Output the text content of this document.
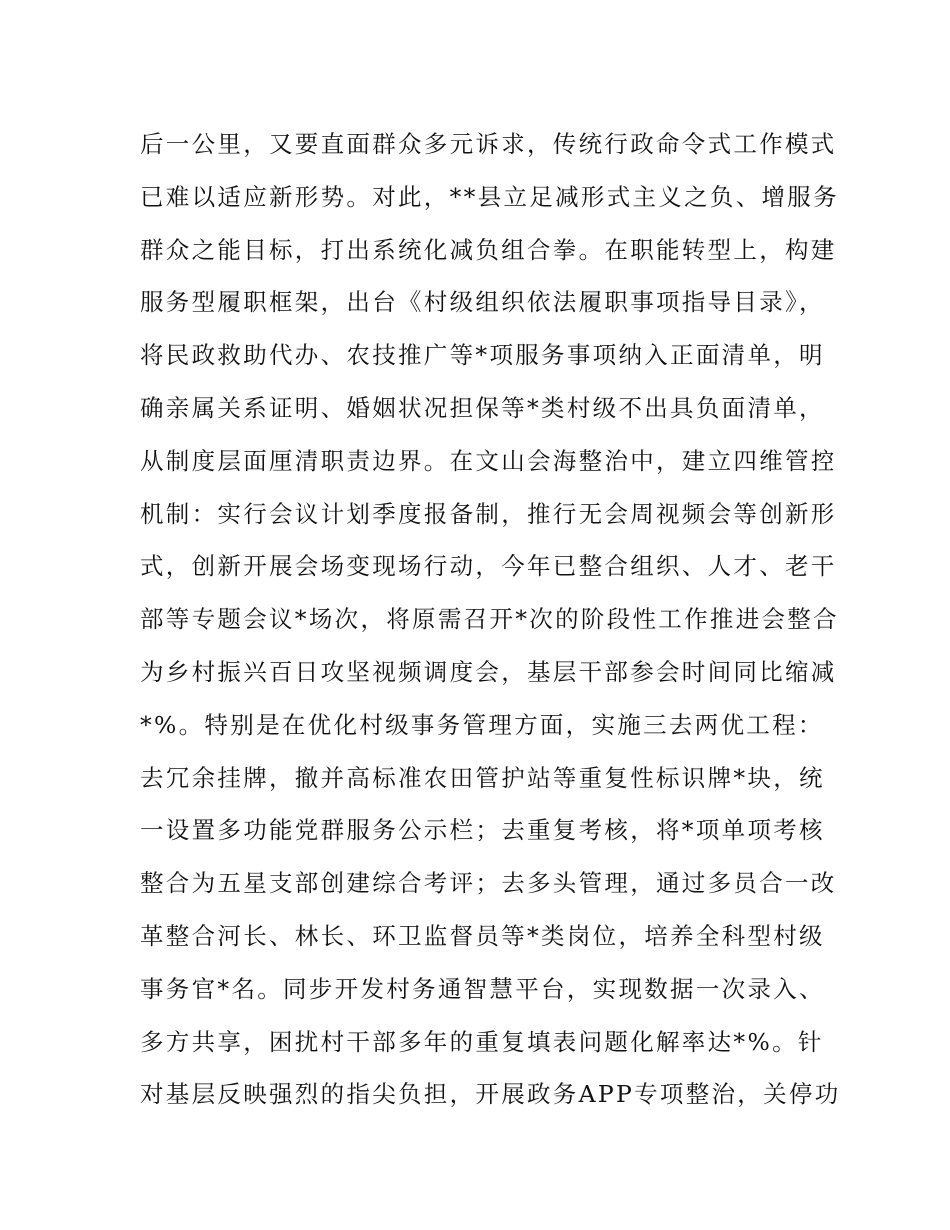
后一公里，又要直面群众多元诉求，传统行政命令式工作模式
已难以适应新形势。对此，**县立足减形式主义之负、增服务
群众之能目标，打出系统化减负组合拳。在职能转型上，构建
服务型履职框架，出台《村级组织依法履职事项指导目录》，
将民政救助代办、农技推广等*项服务事项纳入正面清单，明
确亲属关系证明、婚姻状况担保等*类村级不出具负面清单，
从制度层面厘清职责边界。在文山会海整治中，建立四维管控
机制：实行会议计划季度报备制，推行无会周视频会等创新形
式，创新开展会场变现场行动，今年已整合组织、人才、老干
部等专题会议*场次，将原需召开*次的阶段性工作推进会整合
为乡村振兴百日攻坚视频调度会，基层干部参会时间同比缩减
*%。特别是在优化村级事务管理方面，实施三去两优工程：
去冗余挂牌，撤并高标准农田管护站等重复性标识牌*块，统
一设置多功能党群服务公示栏；去重复考核，将*项单项考核
整合为五星支部创建综合考评；去多头管理，通过多员合一改
革整合河长、林长、环卫监督员等*类岗位，培养全科型村级
事务官*名。同步开发村务通智慧平台，实现数据一次录入、
多方共享，困扰村干部多年的重复填表问题化解率达*%。针
对基层反映强烈的指尖负担，开展政务APP专项整治，关停功
